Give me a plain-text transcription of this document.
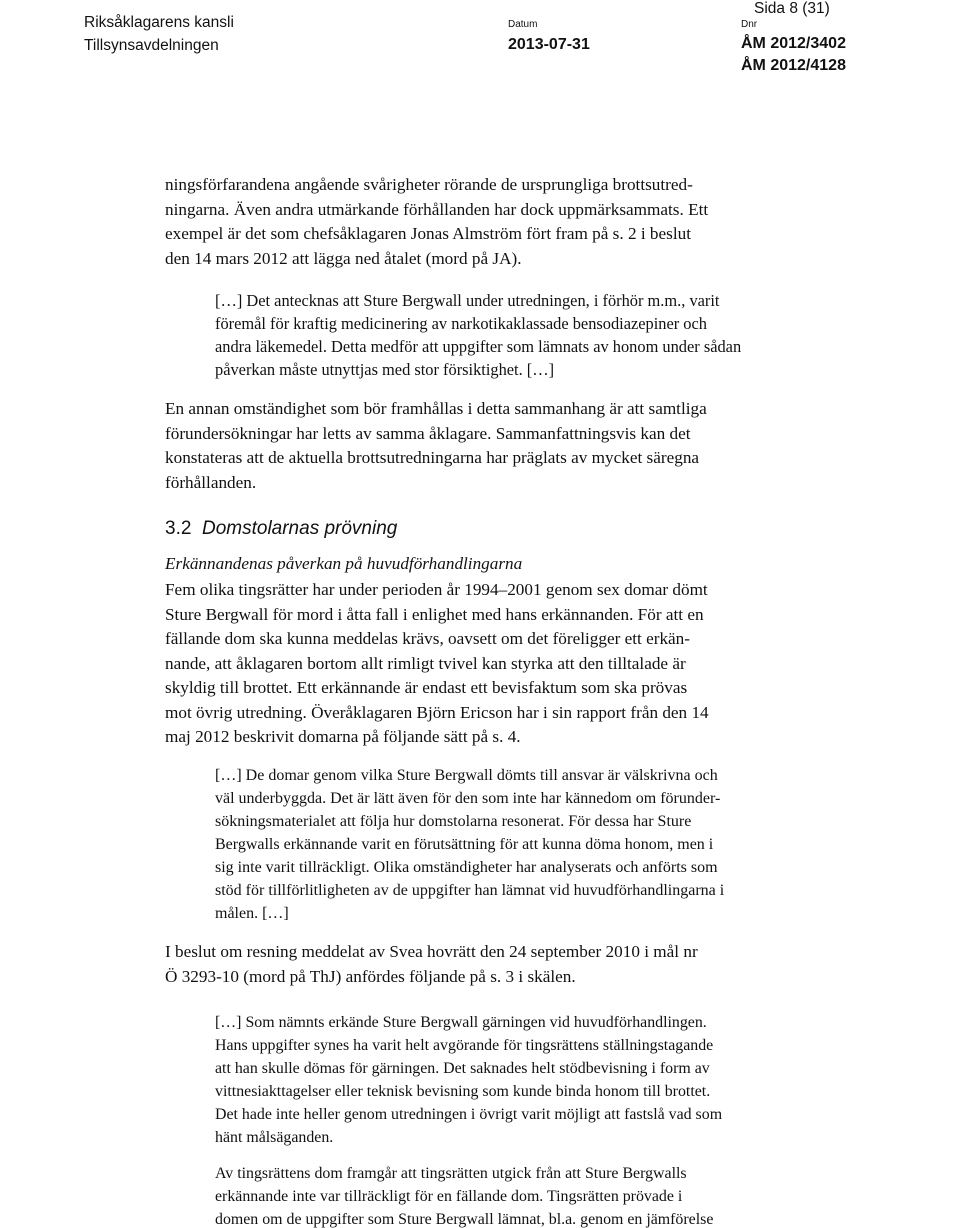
Sida 8 (31)
Riksåklagarens kansli
Tillsynsavdelningen
Datum
2013-07-31
Dnr
ÅM 2012/3402
ÅM 2012/4128
ningsförfarandena angående svårigheter rörande de ursprungliga brottsutred-
ningarna. Även andra utmärkande förhållanden har dock uppmärksammats. Ett
exempel är det som chefsåklagaren Jonas Almström fört fram på s. 2 i beslut
den 14 mars 2012 att lägga ned åtalet (mord på JA).
[…] Det antecknas att Sture Bergwall under utredningen, i förhör m.m., varit
föremål för kraftig medicinering av narkotikaklassade bensodiazepiner och
andra läkemedel. Detta medför att uppgifter som lämnats av honom under sådan
påverkan måste utnyttjas med stor försiktighet. […]
En annan omständighet som bör framhållas i detta sammanhang är att samtliga
förundersökningar har letts av samma åklagare. Sammanfattningsvis kan det
konstateras att de aktuella brottsutredningarna har präglats av mycket säregna
förhållanden.
3.2 Domstolarnas prövning
Erkännandenas påverkan på huvudförhandlingarna
Fem olika tingsrätter har under perioden år 1994–2001 genom sex domar dömt
Sture Bergwall för mord i åtta fall i enlighet med hans erkännanden. För att en
fällande dom ska kunna meddelas krävs, oavsett om det föreligger ett erkän-
nande, att åklagaren bortom allt rimligt tvivel kan styrka att den tilltalade är
skyldig till brottet. Ett erkännande är endast ett bevisfaktum som ska prövas
mot övrig utredning. Överåklagaren Björn Ericson har i sin rapport från den 14
maj 2012 beskrivit domarna på följande sätt på s. 4.
[…] De domar genom vilka Sture Bergwall dömts till ansvar är välskrivna och
väl underbyggda. Det är lätt även för den som inte har kännedom om förunder-
sökningsmaterialet att följa hur domstolarna resonerat. För dessa har Sture
Bergwalls erkännande varit en förutsättning för att kunna döma honom, men i
sig inte varit tillräckligt. Olika omständigheter har analyserats och anförts som
stöd för tillförlitligheten av de uppgifter han lämnat vid huvudförhandlingarna i
målen. […]
I beslut om resning meddelat av Svea hovrätt den 24 september 2010 i mål nr
Ö 3293-10 (mord på ThJ) anfördes följande på s. 3 i skälen.
[…] Som nämnts erkände Sture Bergwall gärningen vid huvudförhandlingen.
Hans uppgifter synes ha varit helt avgörande för tingsrättens ställningstagande
att han skulle dömas för gärningen. Det saknades helt stödbevisning i form av
vittnesiakttagelser eller teknisk bevisning som kunde binda honom till brottet.
Det hade inte heller genom utredningen i övrigt varit möjligt att fastslå vad som
hänt målsäganden.
Av tingsrättens dom framgår att tingsrätten utgick från att Sture Bergwalls
erkännande inte var tillräckligt för en fällande dom. Tingsrätten prövade i
domen om de uppgifter som Sture Bergwall lämnat, bl.a. genom en jämförelse
